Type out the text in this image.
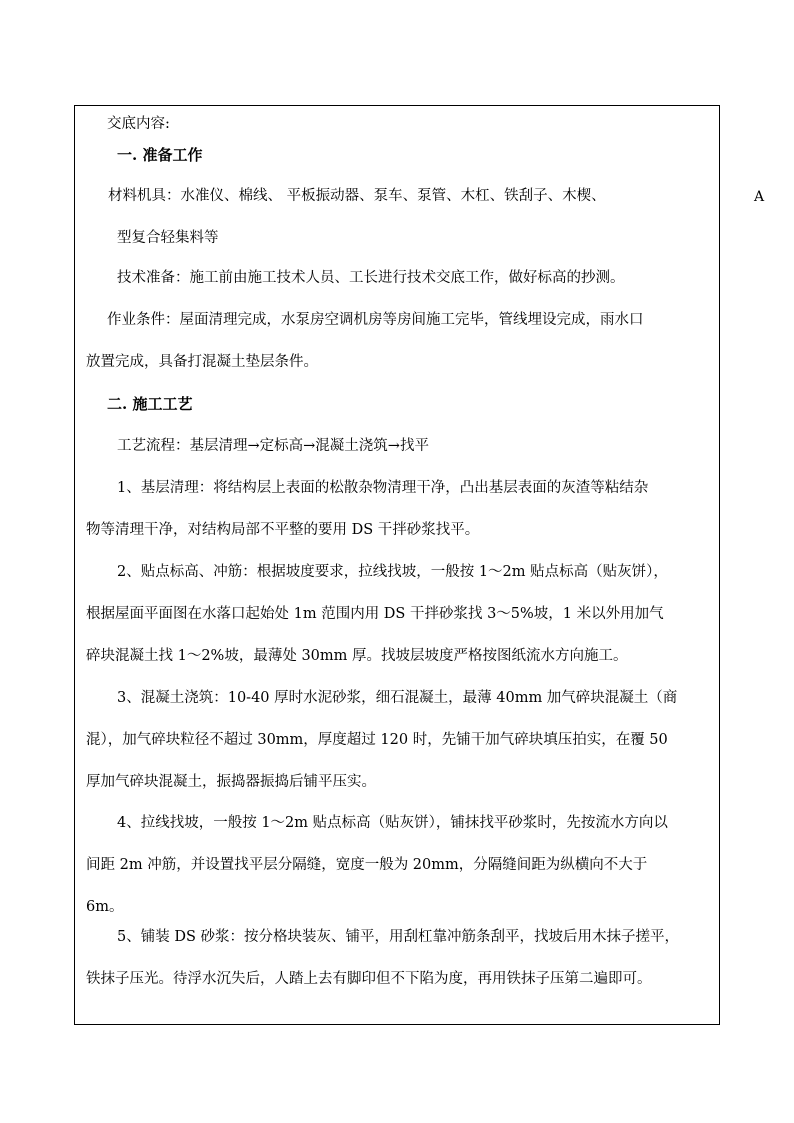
A
交底内容:
一. 准备工作
材料机具：水准仪、棉线、 平板振动器、泵车、泵管、木杠、铁刮子、木楔、
型复合轻集料等
技术准备：施工前由施工技术人员、工长进行技术交底工作，做好标高的抄测。
作业条件：屋面清理完成，水泵房空调机房等房间施工完毕，管线埋设完成，雨水口
放置完成，具备打混凝土垫层条件。
二. 施工工艺
工艺流程：基层清理→定标高→混凝土浇筑→找平
1、基层清理：将结构层上表面的松散杂物清理干净，凸出基层表面的灰渣等粘结杂
物等清理干净，对结构局部不平整的要用 DS 干拌砂浆找平。
2、贴点标高、冲筋：根据坡度要求，拉线找坡，一般按 1～2m 贴点标高（贴灰饼），
根据屋面平面图在水落口起始处 1m 范围内用 DS 干拌砂浆找 3～5%坡，1 米以外用加气
碎块混凝土找 1～2%坡，最薄处 30mm 厚。找坡层坡度严格按图纸流水方向施工。
3、混凝土浇筑：10-40 厚时水泥砂浆，细石混凝土，最薄 40mm 加气碎块混凝土（商
混），加气碎块粒径不超过 30mm，厚度超过 120 时，先铺干加气碎块填压拍实，在覆 50
厚加气碎块混凝土，振捣器振捣后铺平压实。
4、拉线找坡，一般按 1～2m 贴点标高（贴灰饼），铺抹找平砂浆时，先按流水方向以
间距 2m 冲筋，并设置找平层分隔缝，宽度一般为 20mm，分隔缝间距为纵横向不大于
6m。
5、铺装 DS 砂浆：按分格块装灰、铺平，用刮杠靠冲筋条刮平，找坡后用木抹子搓平，
铁抹子压光。待浮水沉失后，人踏上去有脚印但不下陷为度，再用铁抹子压第二遍即可。
